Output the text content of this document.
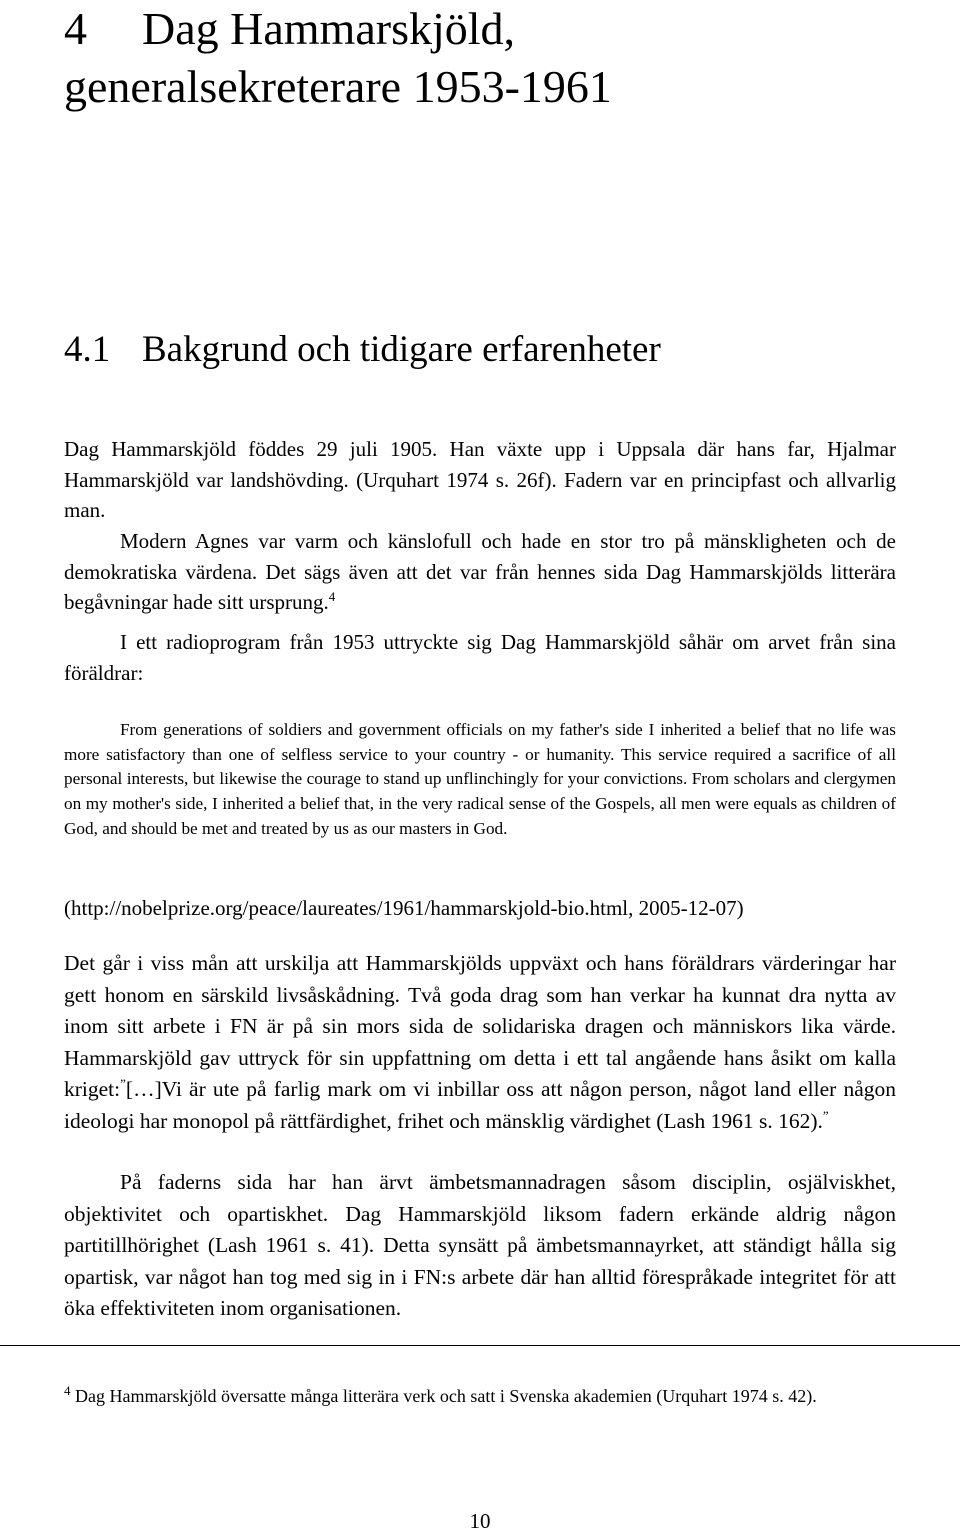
4 Dag Hammarskjöld,
generalsekreterare 1953-1961
4.1 Bakgrund och tidigare erfarenheter

Dag Hammarskjöld föddes 29 juli 1905. Han växte upp i Uppsala där hans far, Hjalmar Hammarskjöld var landshövding. (Urquhart 1974 s. 26f). Fadern var en principfast och allvarlig man.

Modern Agnes var varm och känslofull och hade en stor tro på mänskligheten och de demokratiska värdena. Det sägs även att det var från hennes sida Dag Hammarskjölds litterära begåvningar hade sitt ursprung.$^4$

I ett radioprogram från 1953 uttryckte sig Dag Hammarskjöld såhär om arvet från sina föräldrar:

From generations of soldiers and government officials on my father's side I inherited a belief that no life was more satisfactory than one of selfless service to your country - or humanity. This service required a sacrifice of all personal interests, but likewise the courage to stand up unflinchingly for your convictions. From scholars and clergymen on my mother's side, I inherited a belief that, in the very radical sense of the Gospels, all men were equals as children of God, and should be met and treated by us as our masters in God.

(http://nobelprize.org/peace/laureates/1961/hammarskjold-bio.html, 2005-12-07)

Det går i viss mån att urskilja att Hammarskjölds uppväxt och hans föräldrars värderingar har gett honom en särskild livsåskådning. Två goda drag som han verkar ha kunnat dra nytta av inom sitt arbete i FN är på sin mors sida de solidariska dragen och människors lika värde. Hammarskjöld gav uttryck för sin uppfattning om detta i ett tal angående hans åsikt om kalla kriget:”[…]Vi är ute på farlig mark om vi inbillar oss att någon person, något land eller någon ideologi har monopol på rättfärdighet, frihet och mänsklig värdighet (Lash 1961 s. 162).”

På faderns sida har han ärvt ämbetsmannadragen såsom disciplin, osjälviskhet, objektivitet och opartiskhet. Dag Hammarskjöld liksom fadern erkände aldrig någon partitillhörighet (Lash 1961 s. 41). Detta synsätt på ämbetsmannayrket, att ständigt hålla sig opartisk, var något han tog med sig in i FN:s arbete där han alltid förespråkade integritet för att öka effektiviteten inom organisationen.

$^4$ Dag Hammarskjöld översatte många litterära verk och satt i Svenska akademien (Urquhart 1974 s. 42).

10
